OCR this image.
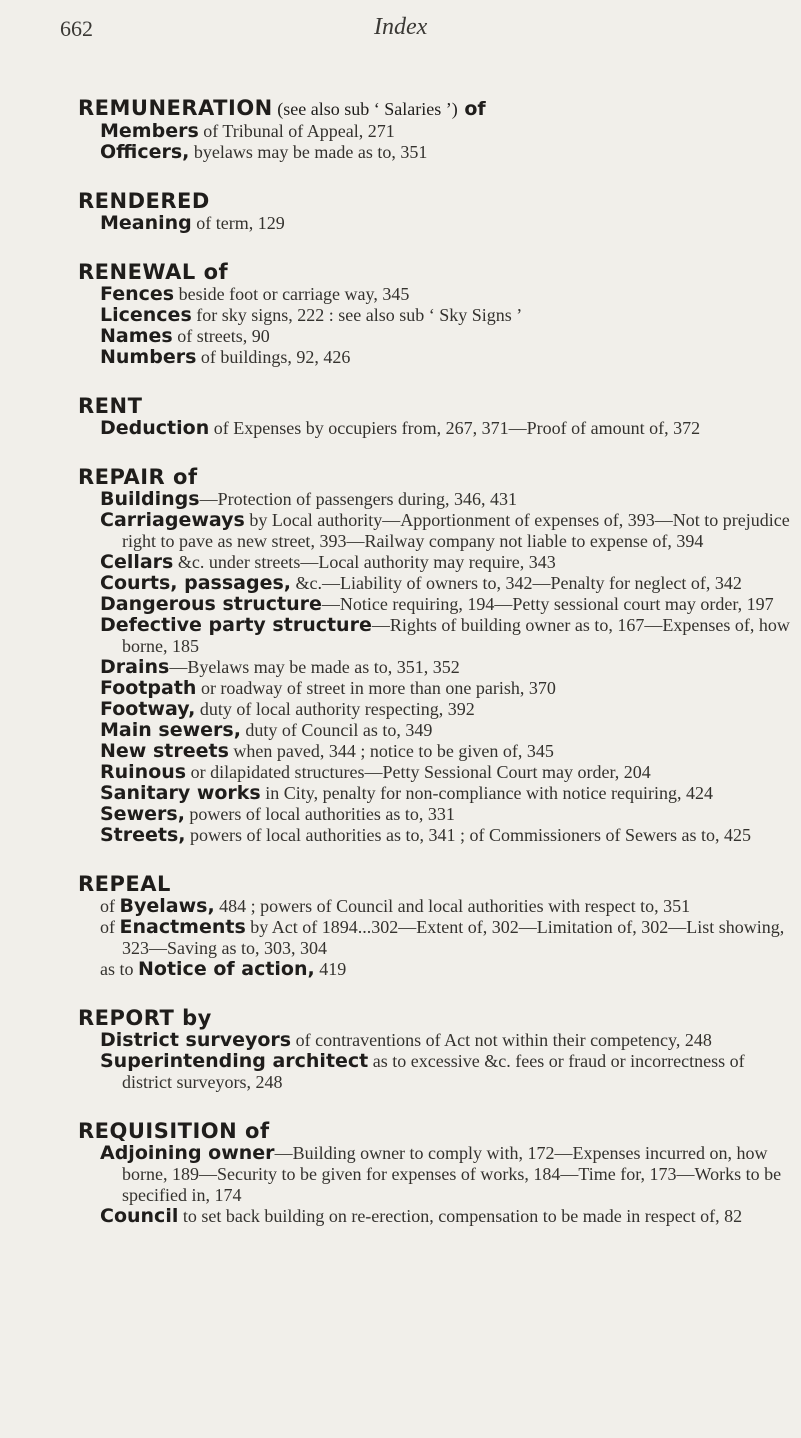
662	Index
REMUNERATION (see also sub ‘ Salaries ’) of
Members of Tribunal of Appeal, 271
Officers, byelaws may be made as to, 351
RENDERED
Meaning of term, 129
RENEWAL of
Fences beside foot or carriage way, 345
Licences for sky signs, 222 : see also sub ‘ Sky Signs ’
Names of streets, 90
Numbers of buildings, 92, 426
RENT
Deduction of Expenses by occupiers from, 267, 371—Proof of amount of, 372
REPAIR of
Buildings—Protection of passengers during, 346, 431
Carriageways by Local authority—Apportionment of expenses of, 393—Not to prejudice right to pave as new street, 393—Railway company not liable to expense of, 394
Cellars &c. under streets—Local authority may require, 343
Courts, passages, &c.—Liability of owners to, 342—Penalty for neglect of, 342
Dangerous structure—Notice requiring, 194—Petty sessional court may order, 197
Defective party structure—Rights of building owner as to, 167—Expenses of, how borne, 185
Drains—Byelaws may be made as to, 351, 352
Footpath or roadway of street in more than one parish, 370
Footway, duty of local authority respecting, 392
Main sewers, duty of Council as to, 349
New streets when paved, 344 ; notice to be given of, 345
Ruinous or dilapidated structures—Petty Sessional Court may order, 204
Sanitary works in City, penalty for non-compliance with notice requiring, 424
Sewers, powers of local authorities as to, 331
Streets, powers of local authorities as to, 341 ; of Commissioners of Sewers as to, 425
REPEAL
of Byelaws, 484 ; powers of Council and local authorities with respect to, 351
of Enactments by Act of 1894...302—Extent of, 302—Limitation of, 302—List showing, 323—Saving as to, 303, 304
as to Notice of action, 419
REPORT by
District surveyors of contraventions of Act not within their competency, 248
Superintending architect as to excessive &c. fees or fraud or incorrectness of district surveyors, 248
REQUISITION of
Adjoining owner—Building owner to comply with, 172—Expenses incurred on, how borne, 189—Security to be given for expenses of works, 184—Time for, 173—Works to be specified in, 174
Council to set back building on re-erection, compensation to be made in respect of, 82
